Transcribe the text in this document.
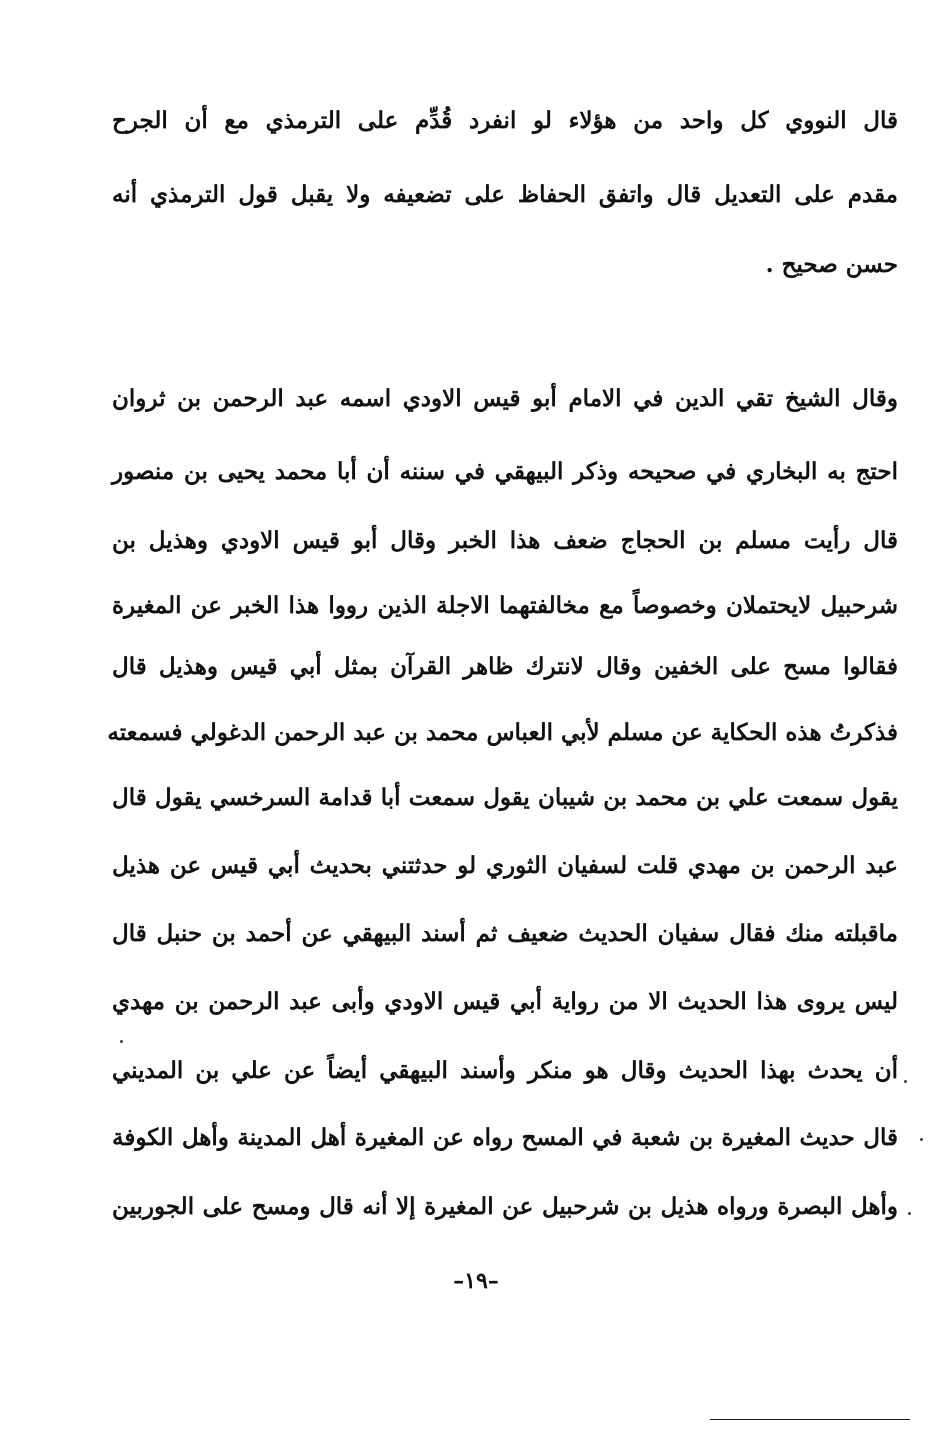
قال النووي كل واحد من هؤلاء لو انفرد قُدِّم على الترمذي مع أن الجرح
مقدم على التعديل قال واتفق الحفاظ على تضعيفه ولا يقبل قول الترمذي أنه
حسن صحيح .
وقال الشيخ تقي الدين في الامام أبو قيس الاودي اسمه عبد الرحمن بن ثروان
احتج به البخاري في صحيحه وذكر البيهقي في سننه أن أبا محمد يحيى بن منصور
قال رأيت مسلم بن الحجاج ضعف هذا الخبر وقال أبو قيس الاودي وهذيل بن
شرحبيل لايحتملان وخصوصاً مع مخالفتهما الاجلة الذين رووا هذا الخبر عن المغيرة
فقالوا مسح على الخفين وقال لانترك ظاهر القرآن بمثل أبي قيس وهذيل قال
فذكرتُ هذه الحكاية عن مسلم لأبي العباس محمد بن عبد الرحمن الدغولي فسمعته
يقول سمعت علي بن محمد بن شيبان يقول سمعت أبا قدامة السرخسي يقول قال
عبد الرحمن بن مهدي قلت لسفيان الثوري لو حدثتني بحديث أبي قيس عن هذيل
ماقبلته منك فقال سفيان الحديث ضعيف ثم أسند البيهقي عن أحمد بن حنبل قال
ليس يروى هذا الحديث الا من رواية أبي قيس الاودي وأبى عبد الرحمن بن مهدي
أن يحدث بهذا الحديث وقال هو منكر وأسند البيهقي أيضاً عن علي بن المديني
قال حديث المغيرة بن شعبة في المسح رواه عن المغيرة أهل المدينة وأهل الكوفة
وأهل البصرة ورواه هذيل بن شرحبيل عن المغيرة إلا أنه قال ومسح على الجوربين
–١٩–
